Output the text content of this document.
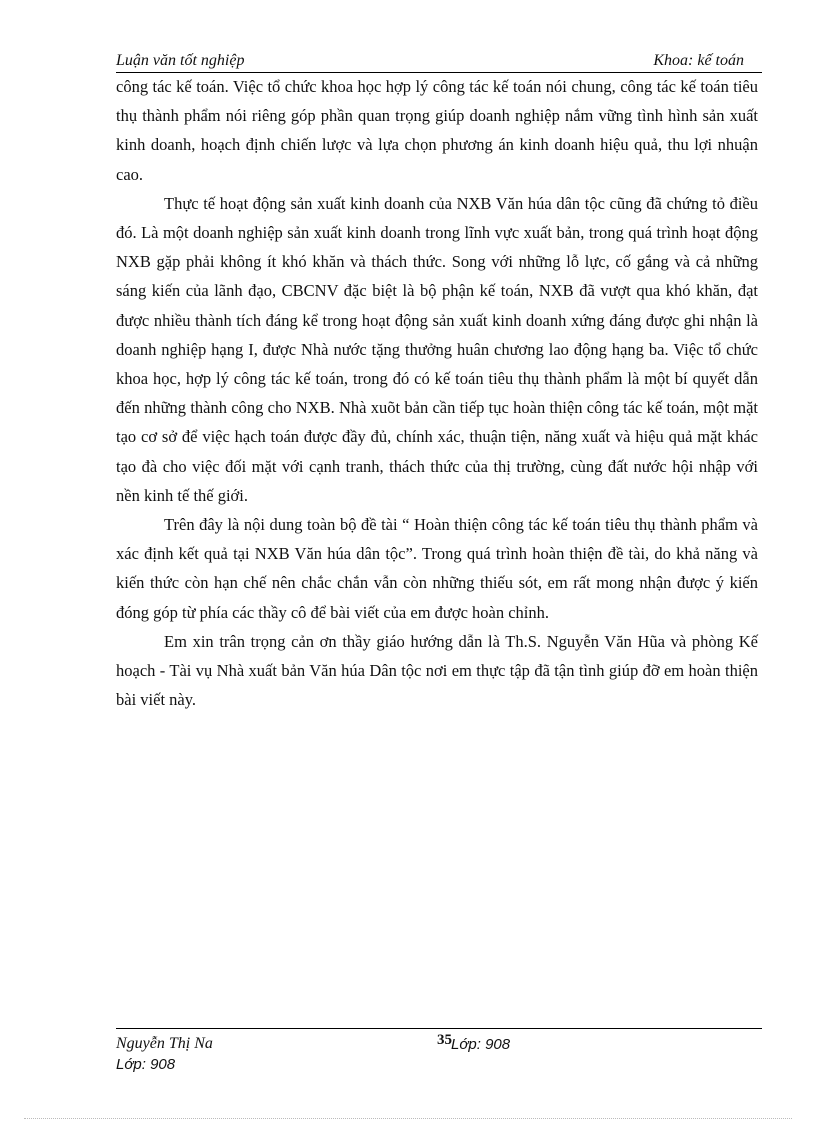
Luận văn tốt nghiệp	Khoa: kế toán

công tác kế toán. Việc tổ chức khoa học hợp lý công tác kế toán nói chung, công tác kế toán tiêu thụ thành phẩm nói riêng góp phần quan trọng giúp doanh nghiệp nắm vững tình hình sản xuất kinh doanh, hoạch định chiến lược và lựa chọn phương án kinh doanh hiệu quả, thu lợi nhuận cao.

Thực tế hoạt động sản xuất kinh doanh của NXB Văn húa dân tộc cũng đã chứng tỏ điều đó. Là một doanh nghiệp sản xuất kinh doanh trong lĩnh vực xuất bản, trong quá trình hoạt động NXB gặp phải không ít khó khăn và thách thức. Song với những lỗ lực, cố gắng và cả những sáng kiến của lãnh đạo, CBCNV đặc biệt là bộ phận kế toán, NXB đã vượt qua khó khăn, đạt được nhiều thành tích đáng kể trong hoạt động sản xuất kinh doanh xứng đáng được ghi nhận là doanh nghiệp hạng I, được Nhà nước tặng thưởng huân chương lao động hạng ba. Việc tổ chức khoa học, hợp lý công tác kế toán, trong đó có kế toán tiêu thụ thành phẩm là một bí quyết dẫn đến những thành công cho NXB. Nhà xuõt bản cần tiếp tục hoàn thiện công tác kế toán, một mặt tạo cơ sở để việc hạch toán được đầy đủ, chính xác, thuận tiện, năng xuất và hiệu quả mặt khác tạo đà cho việc đối mặt với cạnh tranh, thách thức của thị trường, cùng đất nước hội nhập với nền kinh tế thế giới.

Trên đây là nội dung toàn bộ đề tài “ Hoàn thiện công tác kế toán tiêu thụ thành phẩm và xác định kết quả tại NXB Văn húa dân tộc”. Trong quá trình hoàn thiện đề tài, do khả năng và kiến thức còn hạn chế nên chắc chắn vẫn còn những thiếu sót, em rất mong nhận được ý kiến đóng góp từ phía các thầy cô để bài viết của em được hoàn chỉnh.

Em xin trân trọng cản ơn thầy giáo hướng dẫn là Th.S. Nguyễn Văn Hũa và phòng Kế hoạch - Tài vụ Nhà xuất bản Văn húa Dân tộc nơi em thực tập đã tận tình giúp đỡ em hoàn thiện bài viết này.

Nguyễn Thị Na	35 Lớp: 908
Lớp: 908
